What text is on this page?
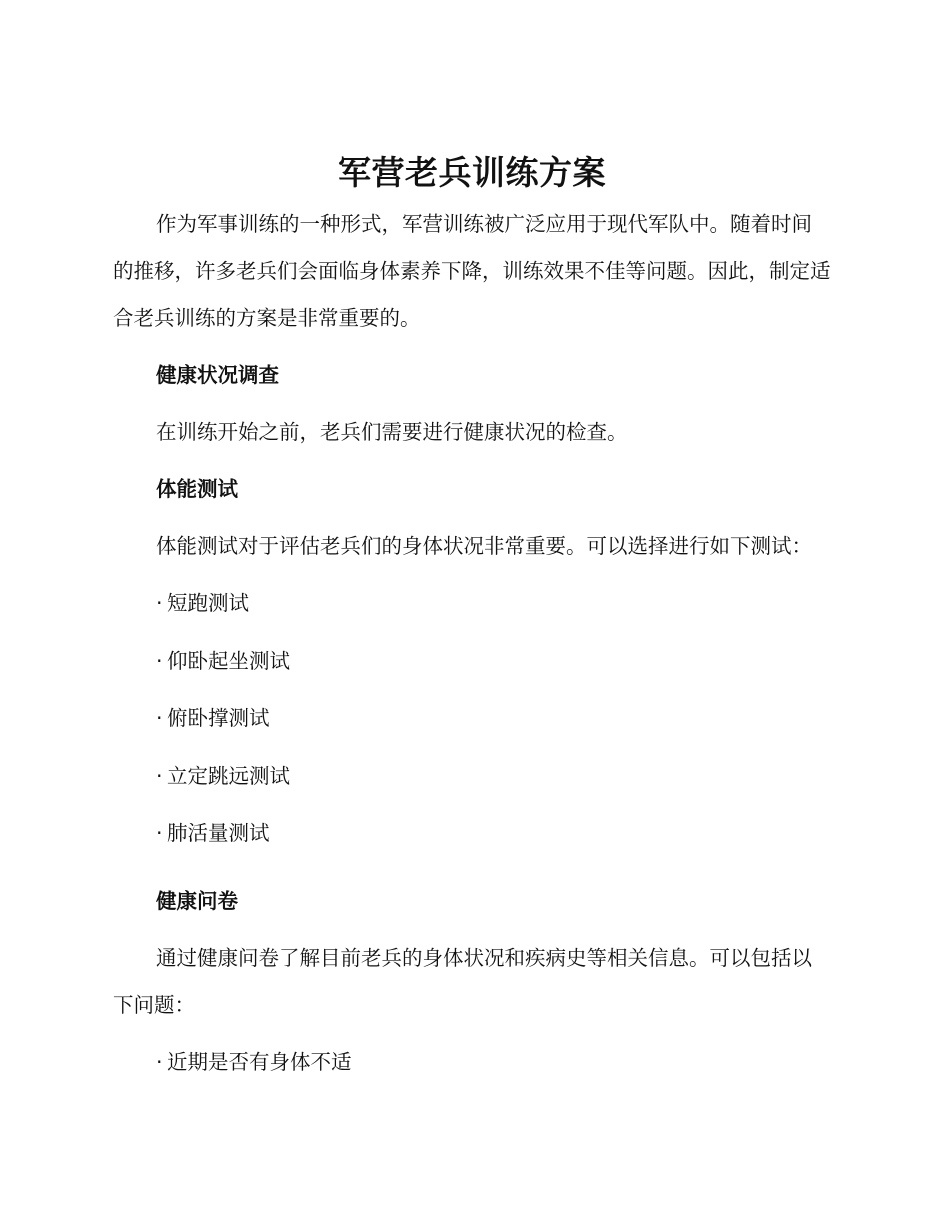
军营老兵训练方案

作为军事训练的一种形式，军营训练被广泛应用于现代军队中。随着时间的推移，许多老兵们会面临身体素养下降，训练效果不佳等问题。因此，制定适合老兵训练的方案是非常重要的。

健康状况调查

在训练开始之前，老兵们需要进行健康状况的检查。

体能测试

体能测试对于评估老兵们的身体状况非常重要。可以选择进行如下测试：

· 短跑测试
· 仰卧起坐测试
· 俯卧撑测试
· 立定跳远测试
· 肺活量测试
健康问卷

通过健康问卷了解目前老兵的身体状况和疾病史等相关信息。可以包括以下问题：

· 近期是否有身体不适
